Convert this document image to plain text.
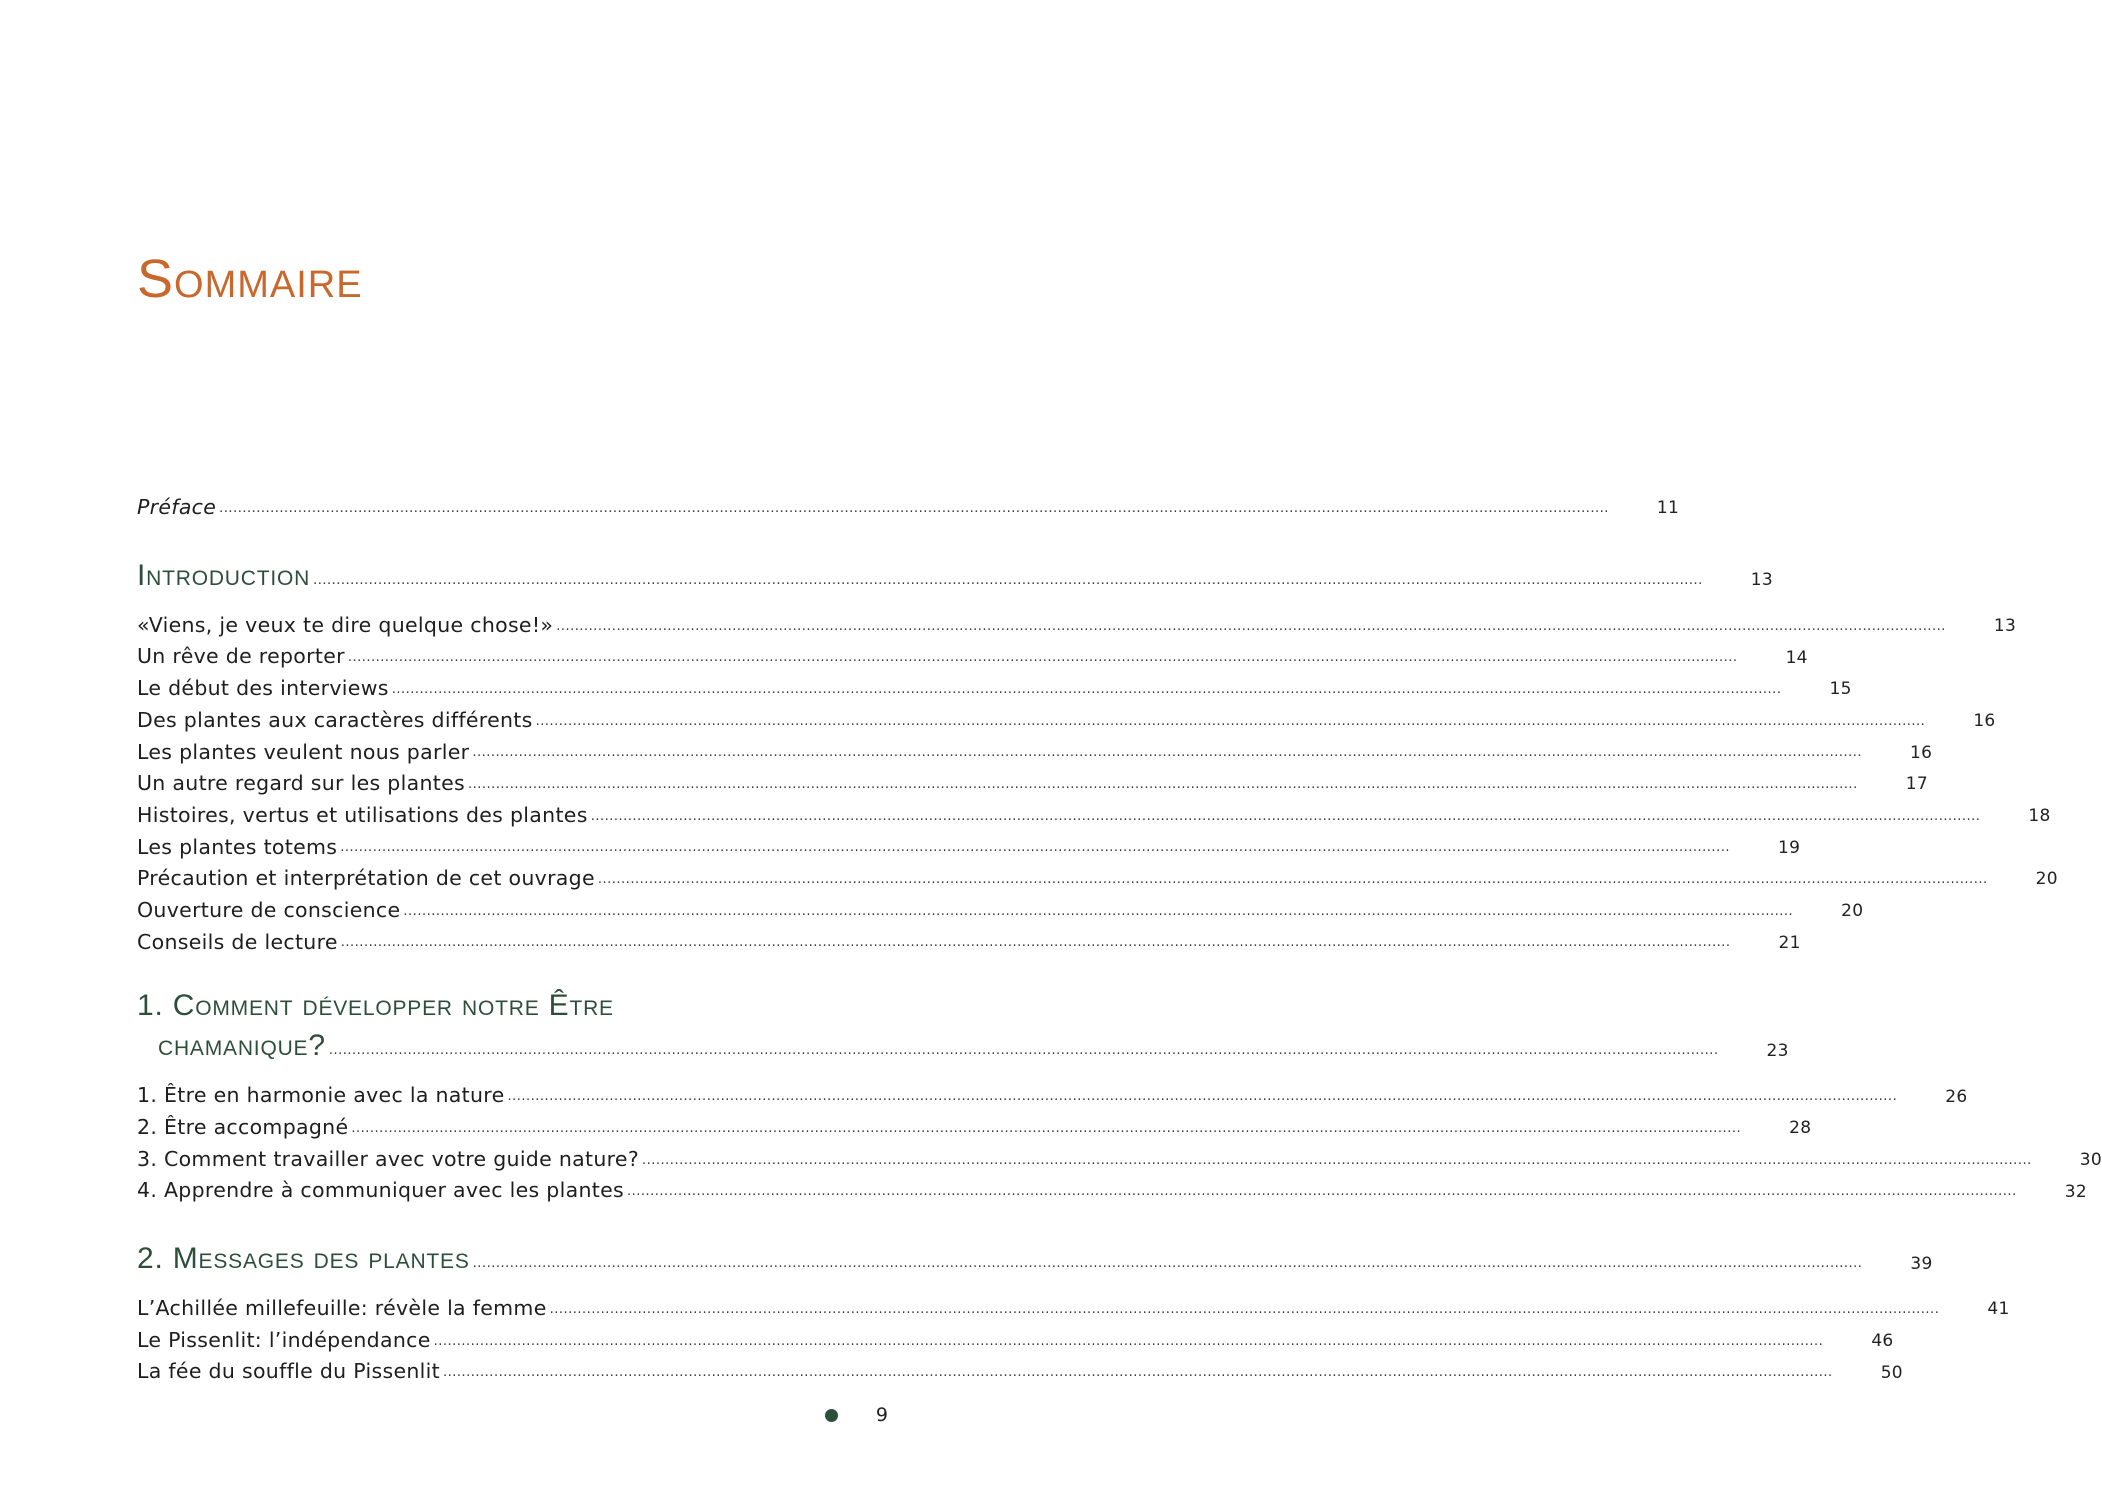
Sommaire
Préface ............................................................................................................................................................................................................................................................................................................	11
Introduction ............................................................................................................................................................................................................................................................................................................	13
«Viens, je veux te dire quelque chose!» ............................................................................................................................................................................................................................................................................................................	13
Un rêve de reporter ............................................................................................................................................................................................................................................................................................................	14
Le début des interviews ............................................................................................................................................................................................................................................................................................................	15
Des plantes aux caractères différents ............................................................................................................................................................................................................................................................................................................	16
Les plantes veulent nous parler ............................................................................................................................................................................................................................................................................................................	16
Un autre regard sur les plantes ............................................................................................................................................................................................................................................................................................................	17
Histoires, vertus et utilisations des plantes ............................................................................................................................................................................................................................................................................................................	18
Les plantes totems ............................................................................................................................................................................................................................................................................................................	19
Précaution et interprétation de cet ouvrage ............................................................................................................................................................................................................................................................................................................	20
Ouverture de conscience ............................................................................................................................................................................................................................................................................................................	20
Conseils de lecture ............................................................................................................................................................................................................................................................................................................	21
1. Comment développer notre Être
chamanique? ............................................................................................................................................................................................................................................................................................................	23
1. Être en harmonie avec la nature ............................................................................................................................................................................................................................................................................................................	26
2. Être accompagné ............................................................................................................................................................................................................................................................................................................	28
3. Comment travailler avec votre guide nature? ............................................................................................................................................................................................................................................................................................................	30
4. Apprendre à communiquer avec les plantes ............................................................................................................................................................................................................................................................................................................	32
2. Messages des plantes ............................................................................................................................................................................................................................................................................................................	39
L’Achillée millefeuille: révèle la femme ............................................................................................................................................................................................................................................................................................................	41
Le Pissenlit: l’indépendance ............................................................................................................................................................................................................................................................................................................	46
La fée du souffle du Pissenlit ............................................................................................................................................................................................................................................................................................................	50
9
